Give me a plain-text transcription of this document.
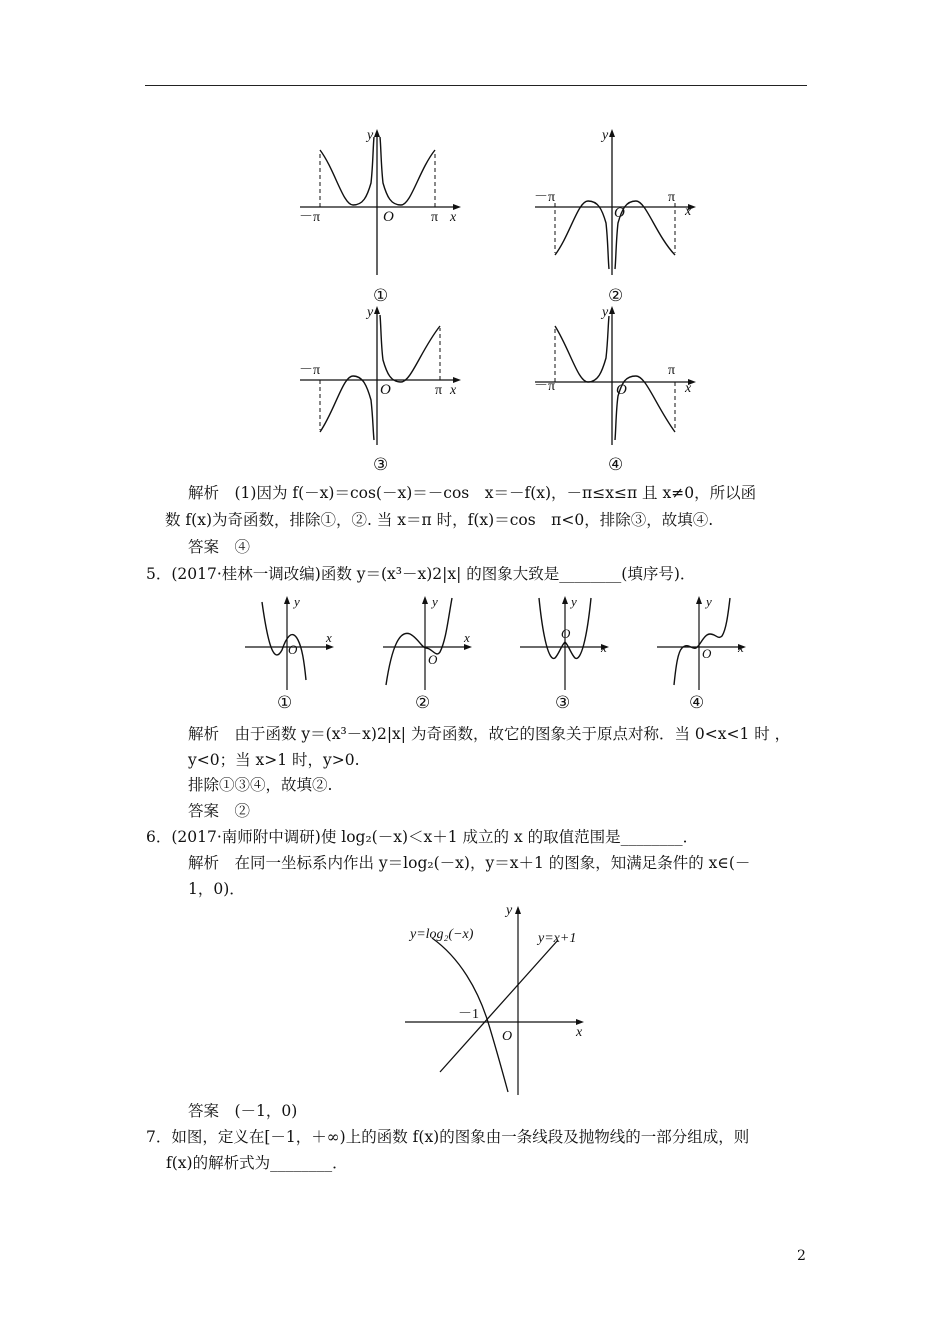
y
x
O
－π	π
①
y
x
O
－π	π
②
y
x
O
－π
π
③
y
x
O
－π
π
④
解析　(1)因为 f(－x)＝cos(－x)＝－cos　x＝－f(x)，－π≤x≤π 且 x≠0，所以函
数 f(x)为奇函数，排除①，②. 当 x＝π 时，f(x)＝cos　π<0，排除③，故填④.
答案　④
5．(2017·桂林一调改编)函数 y＝(x³－x)2|x| 的图象大致是________(填序号)．
y
x
O
①
y
x
O
②
y
x
O
③
y
x
O
④
解析　由于函数 y＝(x³－x)2|x| 为奇函数，故它的图象关于原点对称．当 0<x<1 时 ，
y<0；当 x>1 时，y>0.
排除①③④，故填②.
答案　②
6．(2017·南师附中调研)使 log₂(－x)＜x＋1 成立的 x 的取值范围是________．
解析　在同一坐标系内作出 y＝log₂(－x)，y＝x＋1 的图象，知满足条件的 x∈(－
1，0)．
y=log₂(−x)	y=x+1
－1
O	x
y
答案　(－1，0)
7．如图，定义在[－1，＋∞)上的函数 f(x)的图象由一条线段及抛物线的一部分组成，则
f(x)的解析式为________．
2
